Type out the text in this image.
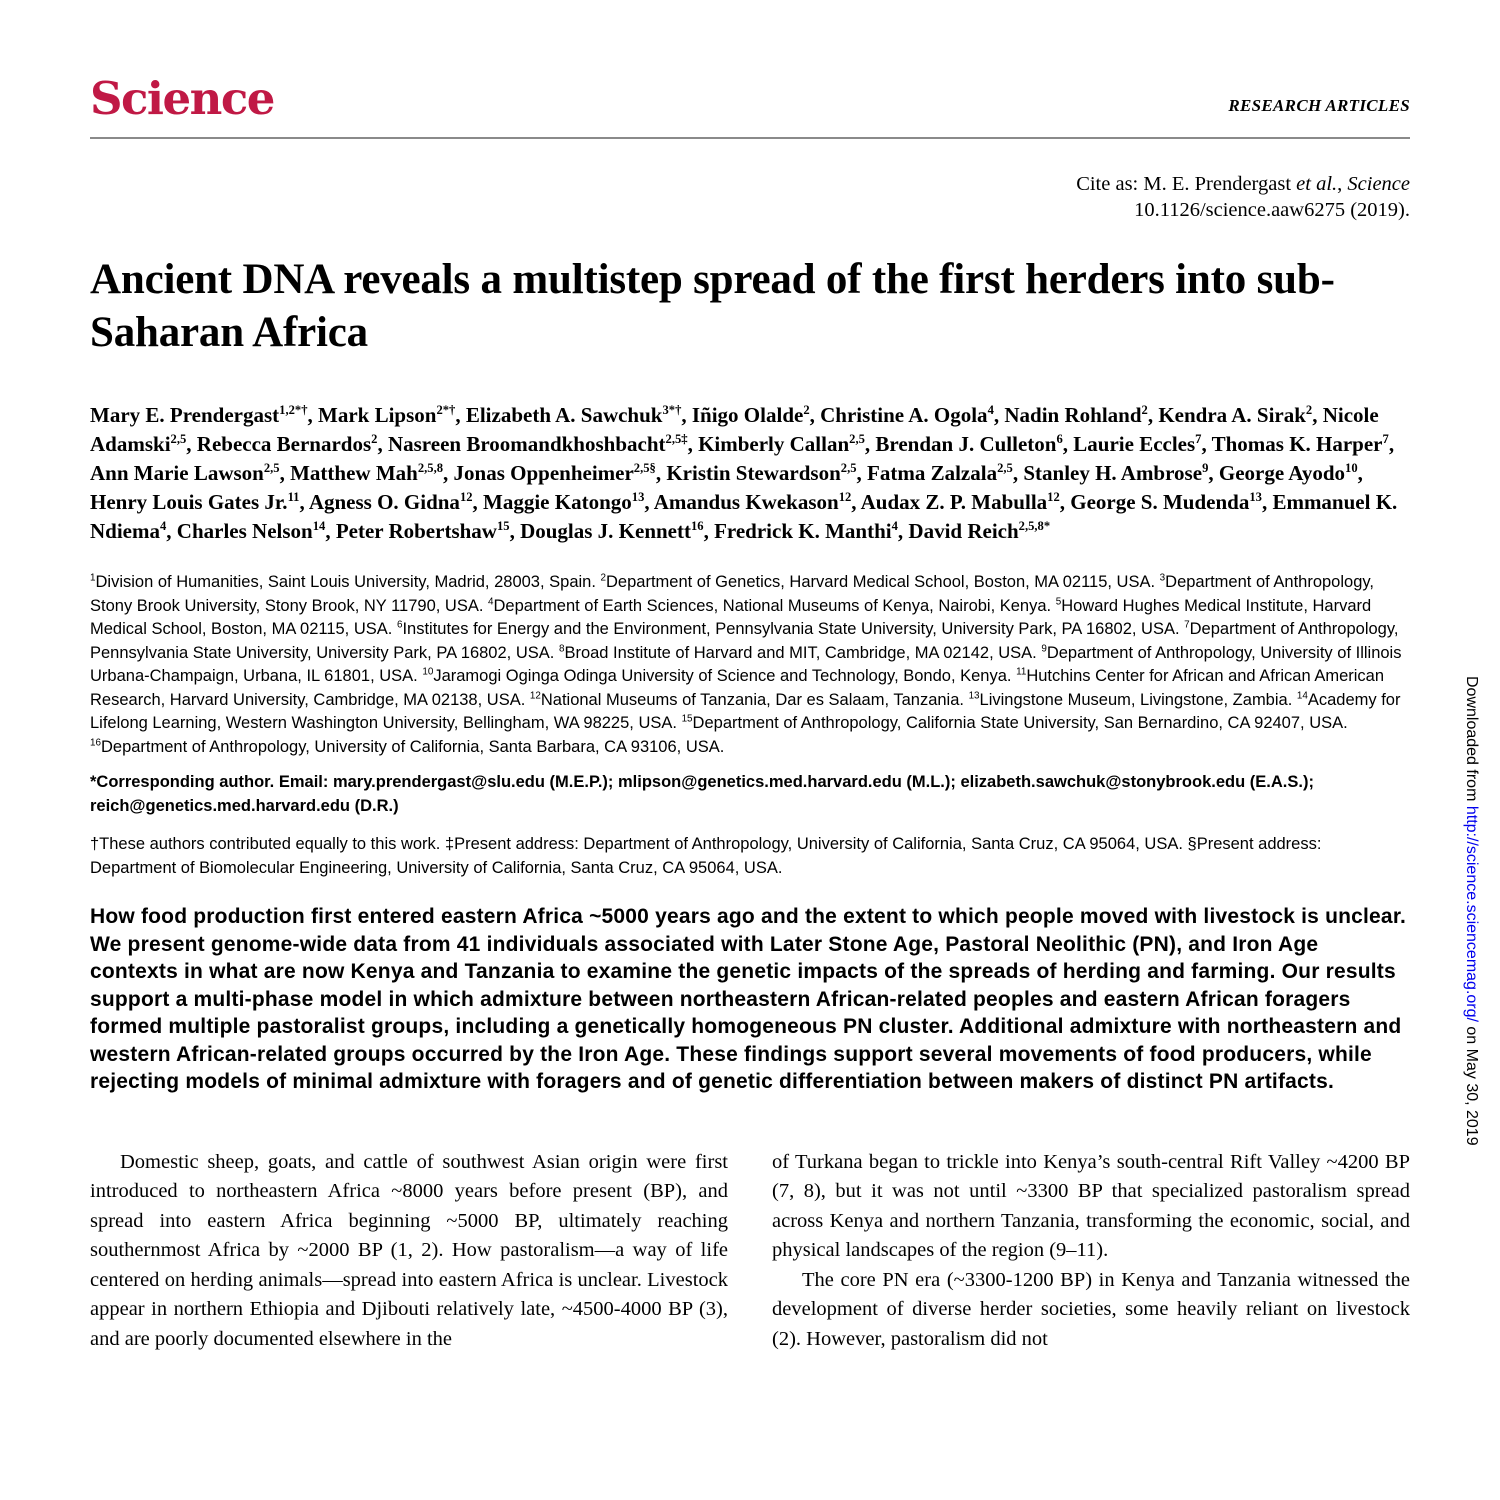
Science	RESEARCH ARTICLES
Cite as: M. E. Prendergast et al., Science
10.1126/science.aaw6275 (2019).
Ancient DNA reveals a multistep spread of the first herders into sub-Saharan Africa

Mary E. Prendergast$^{1,2*\dagger}$, Mark Lipson$^{2*\dagger}$, Elizabeth A. Sawchuk$^{3*\dagger}$, Iñigo Olalde$^2$, Christine A. Ogola$^4$, Nadin Rohland$^2$, Kendra A. Sirak$^2$, Nicole Adamski$^{2,5}$, Rebecca Bernardos$^2$, Nasreen Broomandkhoshbacht$^{2,5\ddagger}$, Kimberly Callan$^{2,5}$, Brendan J. Culleton$^6$, Laurie Eccles$^7$, Thomas K. Harper$^7$, Ann Marie Lawson$^{2,5}$, Matthew Mah$^{2,5,8}$, Jonas Oppenheimer$^{2,5\S}$, Kristin Stewardson$^{2,5}$, Fatma Zalzala$^{2,5}$, Stanley H. Ambrose$^9$, George Ayodo$^{10}$, Henry Louis Gates Jr.$^{11}$, Agness O. Gidna$^{12}$, Maggie Katongo$^{13}$, Amandus Kwekason$^{12}$, Audax Z. P. Mabulla$^{12}$, George S. Mudenda$^{13}$, Emmanuel K. Ndiema$^4$, Charles Nelson$^{14}$, Peter Robertshaw$^{15}$, Douglas J. Kennett$^{16}$, Fredrick K. Manthi$^4$, David Reich$^{2,5,8*}$

$^1$Division of Humanities, Saint Louis University, Madrid, 28003, Spain. $^2$Department of Genetics, Harvard Medical School, Boston, MA 02115, USA. $^3$Department of Anthropology, Stony Brook University, Stony Brook, NY 11790, USA. $^4$Department of Earth Sciences, National Museums of Kenya, Nairobi, Kenya. $^5$Howard Hughes Medical Institute, Harvard Medical School, Boston, MA 02115, USA. $^6$Institutes for Energy and the Environment, Pennsylvania State University, University Park, PA 16802, USA. $^7$Department of Anthropology, Pennsylvania State University, University Park, PA 16802, USA. $^8$Broad Institute of Harvard and MIT, Cambridge, MA 02142, USA. $^9$Department of Anthropology, University of Illinois Urbana-Champaign, Urbana, IL 61801, USA. $^{10}$Jaramogi Oginga Odinga University of Science and Technology, Bondo, Kenya. $^{11}$Hutchins Center for African and African American Research, Harvard University, Cambridge, MA 02138, USA. $^{12}$National Museums of Tanzania, Dar es Salaam, Tanzania. $^{13}$Livingstone Museum, Livingstone, Zambia. $^{14}$Academy for Lifelong Learning, Western Washington University, Bellingham, WA 98225, USA. $^{15}$Department of Anthropology, California State University, San Bernardino, CA 92407, USA. $^{16}$Department of Anthropology, University of California, Santa Barbara, CA 93106, USA.

*Corresponding author. Email: mary.prendergast@slu.edu (M.E.P.); mlipson@genetics.med.harvard.edu (M.L.); elizabeth.sawchuk@stonybrook.edu (E.A.S.); reich@genetics.med.harvard.edu (D.R.)

†These authors contributed equally to this work. ‡Present address: Department of Anthropology, University of California, Santa Cruz, CA 95064, USA. §Present address: Department of Biomolecular Engineering, University of California, Santa Cruz, CA 95064, USA.

How food production first entered eastern Africa ~5000 years ago and the extent to which people moved with livestock is unclear. We present genome-wide data from 41 individuals associated with Later Stone Age, Pastoral Neolithic (PN), and Iron Age contexts in what are now Kenya and Tanzania to examine the genetic impacts of the spreads of herding and farming. Our results support a multi-phase model in which admixture between northeastern African-related peoples and eastern African foragers formed multiple pastoralist groups, including a genetically homogeneous PN cluster. Additional admixture with northeastern and western African-related groups occurred by the Iron Age. These findings support several movements of food producers, while rejecting models of minimal admixture with foragers and of genetic differentiation between makers of distinct PN artifacts.

Domestic sheep, goats, and cattle of southwest Asian origin were first introduced to northeastern Africa ~8000 years before present (BP), and spread into eastern Africa beginning ~5000 BP, ultimately reaching southernmost Africa by ~2000 BP (1, 2). How pastoralism—a way of life centered on herding animals—spread into eastern Africa is unclear. Livestock appear in northern Ethiopia and Djibouti relatively late, ~4500-4000 BP (3), and are poorly documented elsewhere in the

of Turkana began to trickle into Kenya’s south-central Rift Valley ~4200 BP (7, 8), but it was not until ~3300 BP that specialized pastoralism spread across Kenya and northern Tanzania, transforming the economic, social, and physical landscapes of the region (9–11).

The core PN era (~3300-1200 BP) in Kenya and Tanzania witnessed the development of diverse herder societies, some heavily reliant on livestock (2). However, pastoralism did not

Downloaded from http://science.sciencemag.org/ on May 30, 2019
